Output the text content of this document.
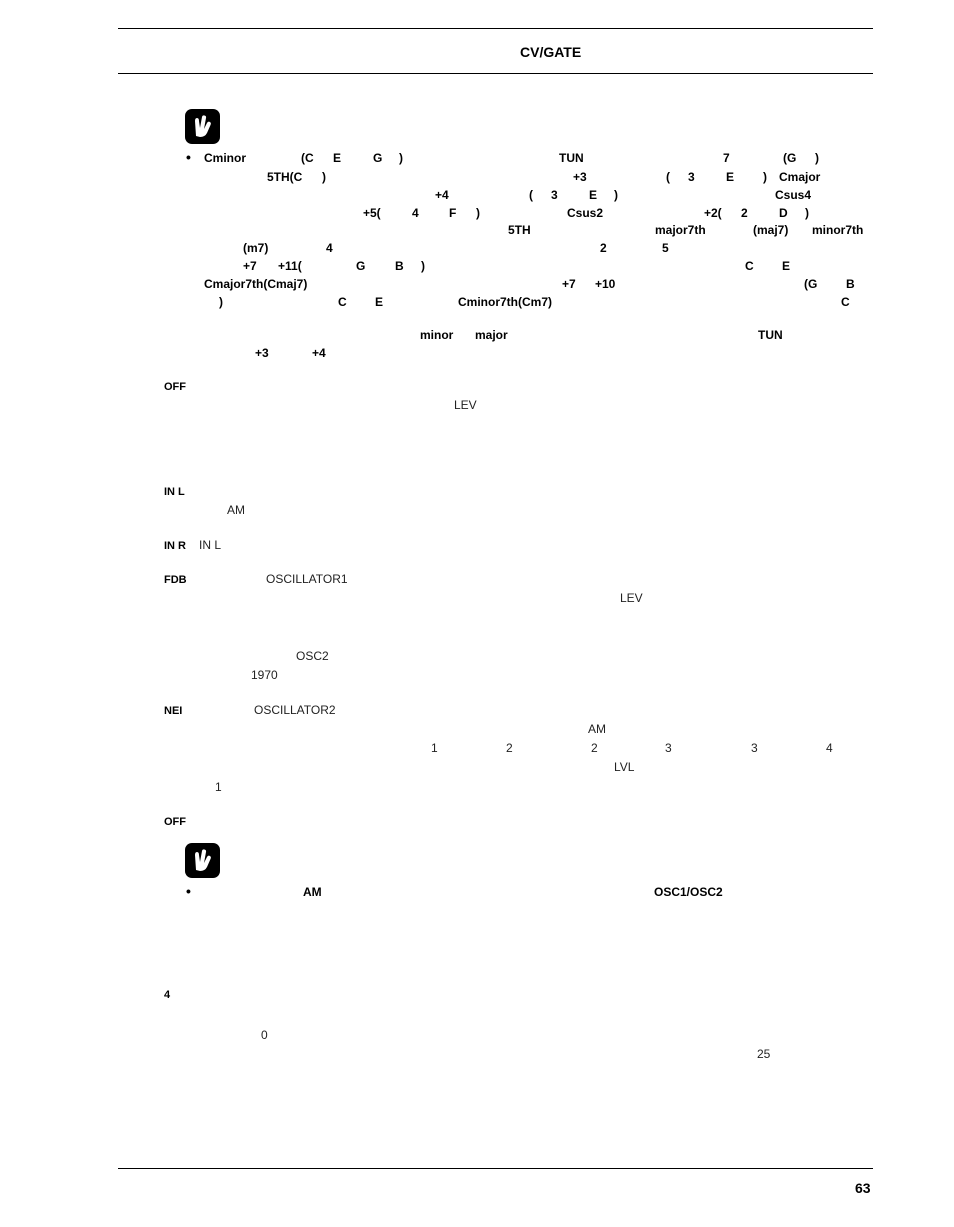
CV/GATE
• Cminor	(C E	G )	TUN	7	(G )
5TH(C )	+3	( 3	E ) Cmajor
+4	( 3	E )	Csus4
+5(	4	F )	Csus2	+2( 2	D )
5TH	major7th	(maj7) minor7th
(m7)	4	2	5
+7 +11(	G B )	C E
Cmajor7th(Cmaj7)	+7 +10	(G B
)	C E	Cminor7th(Cm7)	C
minor major	TUN
+3	+4
OFF
LEV
IN L
AM
IN R IN L
FDB	OSCILLATOR1
LEV
OSC2
1970
NEI	OSCILLATOR2
AM
1	2	2	3	3	4
LVL
1
OFF
•	AM	OSC1/OSC2
4
0
25
63
